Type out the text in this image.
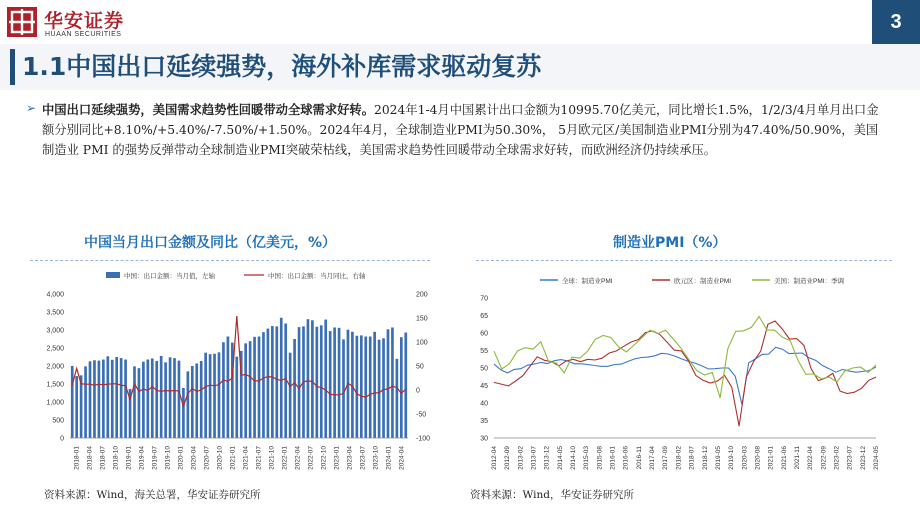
华安证券
HUAAN SECURITIES
3
1.1中国出口延续强势，海外补库需求驱动复苏
➢ 中国出口延续强势，美国需求趋势性回暖带动全球需求好转。2024年1-4月中国累计出口金额为10995.70亿美元，同比增长1.5%，1/2/3/4月单月出口金额分别同比+8.10%/+5.40%/-7.50%/+1.50%。2024年4月，全球制造业PMI为50.30%， 5月欧元区/美国制造业PMI分别为47.40%/50.90%，美国制造业 PMI 的强势反弹带动全球制造业PMI突破荣枯线，美国需求趋势性回暖带动全球需求好转，而欧洲经济仍持续承压。
中国当月出口金额及同比（亿美元，%）	制造业PMI（%）
中国：出口金额：当月值，左轴	中国：出口金额：当月同比，右轴
4,000
3,500
3,000
2,500
2,000
1,500
1,000
500
0
200
150
100
50
0
-50
-100
2018-01 2018-04 2018-07 2018-10 2019-01 2019-04 2019-07 2019-10 2020-01 2020-04 2020-07 2020-10 2021-01 2021-04 2021-07 2021-10 2022-01 2022-04 2022-07 2022-10 2023-01 2023-04 2023-07 2023-10 2024-01 2024-04
全球：制造业PMI	欧元区：制造业PMI	美国：制造业PMI：季调
70
65
60
55
50
45
40
35
30
2012-04 2012-09 2013-02 2013-07 2013-12 2014-05 2014-10 2015-03 2015-08 2016-01 2016-06 2016-11 2017-04 2017-09 2018-02 2018-07 2018-12 2019-05 2019-10 2020-03 2020-08 2021-01 2021-06 2021-11 2022-04 2022-09 2023-02 2023-07 2023-12 2024-05
资料来源：Wind，海关总署，华安证券研究所	资料来源：Wind，华安证券研究所
